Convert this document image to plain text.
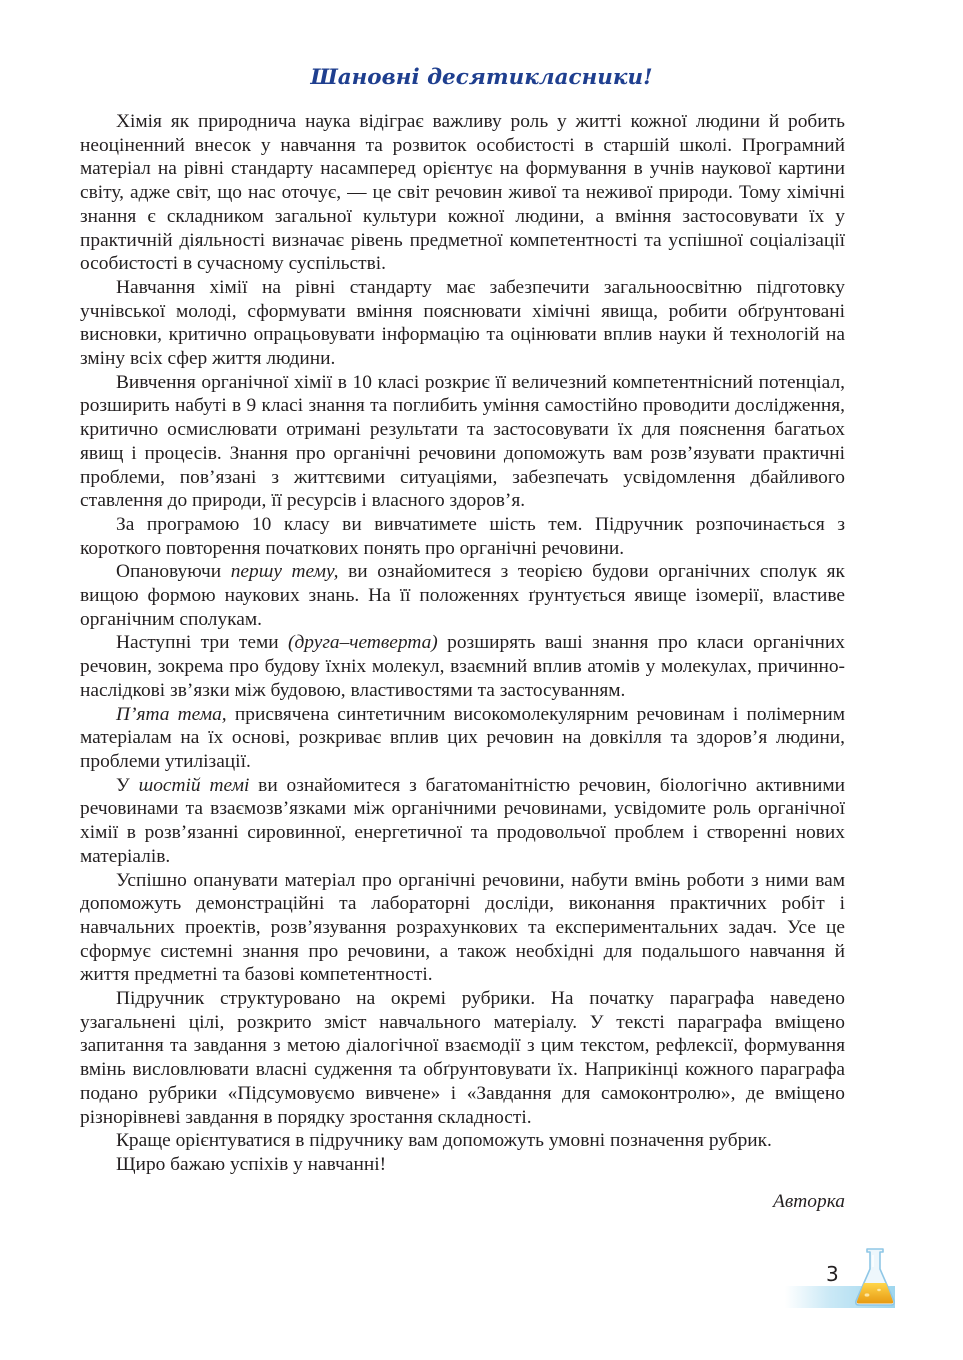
Шановні десятикласники!

Хімія як природнича наука відіграє важливу роль у житті кожної людини й робить неоціненний внесок у навчання та розвиток особистості в старшій школі. Програмний матеріал на рівні стандарту насамперед орієнтує на формування в учнів наукової картини світу, адже світ, що нас оточує, — це світ речовин живої та неживої природи. Тому хімічні знання є складником загальної культури кожної людини, а вміння застосовувати їх у практичній діяльності визначає рівень предметної компетентності та успішної соціалізації особистості в сучасному суспільстві.

Навчання хімії на рівні стандарту має забезпечити загальноосвітню підготовку учнівської молоді, сформувати вміння пояснювати хімічні явища, робити обґрунтовані висновки, критично опрацьовувати інформацію та оцінювати вплив науки й технологій на зміну всіх сфер життя людини.

Вивчення органічної хімії в 10 класі розкриє її величезний компетентнісний потенціал, розширить набуті в 9 класі знання та поглибить уміння самостійно проводити дослідження, критично осмислювати отримані результати та застосовувати їх для пояснення багатьох явищ і процесів. Знання про органічні речовини допоможуть вам розв’язувати практичні проблеми, пов’язані з життєвими ситуаціями, забезпечать усвідомлення дбайливого ставлення до природи, її ресурсів і власного здоров’я.

За програмою 10 класу ви вивчатимете шість тем. Підручник розпочинається з короткого повторення початкових понять про органічні речовини.

Опановуючи першу тему, ви ознайомитеся з теорією будови органічних сполук як вищою формою наукових знань. На її положеннях ґрунтується явище ізомерії, властиве органічним сполукам.

Наступні три теми (друга–четверта) розширять ваші знання про класи органічних речовин, зокрема про будову їхніх молекул, взаємний вплив атомів у молекулах, причинно-наслідкові зв’язки між будовою, властивостями та застосуванням.

П’ята тема, присвячена синтетичним високомолекулярним речовинам і полімерним матеріалам на їх основі, розкриває вплив цих речовин на довкілля та здоров’я людини, проблеми утилізації.

У шостій темі ви ознайомитеся з багатоманітністю речовин, біологічно активними речовинами та взаємозв’язками між органічними речовинами, усвідомите роль органічної хімії в розв’язанні сировинної, енергетичної та продовольчої проблем і створенні нових матеріалів.

Успішно опанувати матеріал про органічні речовини, набути вмінь роботи з ними вам допоможуть демонстраційні та лабораторні досліди, виконання практичних робіт і навчальних проектів, розв’язування розрахункових та експериментальних задач. Усе це сформує системні знання про речовини, а також необхідні для подальшого навчання й життя предметні та базові компетентності.

Підручник структуровано на окремі рубрики. На початку параграфа наведено узагальнені цілі, розкрито зміст навчального матеріалу. У тексті параграфа вміщено запитання та завдання з метою діалогічної взаємодії з цим текстом, рефлексії, формування вмінь висловлювати власні судження та обґрунтовувати їх. Наприкінці кожного параграфа подано рубрики «Підсумовуємо вивчене» і «Завдання для самоконтролю», де вміщено різнорівневі завдання в порядку зростання складності.

Краще орієнтуватися в підручнику вам допоможуть умовні позначення рубрик.

Щиро бажаю успіхів у навчанні!

Авторка
3
